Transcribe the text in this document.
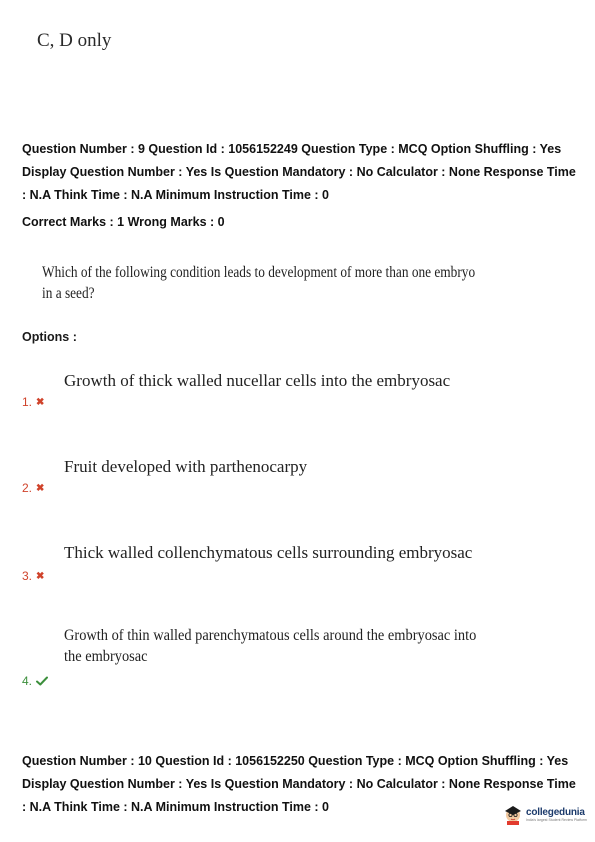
C, D only
Question Number : 9 Question Id : 1056152249 Question Type : MCQ Option Shuffling : Yes
Display Question Number : Yes Is Question Mandatory : No Calculator : None Response Time
: N.A Think Time : N.A Minimum Instruction Time : 0
Correct Marks : 1 Wrong Marks : 0
Which of the following condition leads to development of more than one embryo
in a seed?
Options :
Growth of thick walled nucellar cells into the embryosac
1. ✖
Fruit developed with parthenocarpy
2. ✖
Thick walled collenchymatous cells surrounding embryosac
3. ✖
Growth of thin walled parenchymatous cells around the embryosac into
the embryosac
4.
Question Number : 10 Question Id : 1056152250 Question Type : MCQ Option Shuffling : Yes
Display Question Number : Yes Is Question Mandatory : No Calculator : None Response Time
: N.A Think Time : N.A Minimum Instruction Time : 0	collegedunia
India's largest Student Review Platform
